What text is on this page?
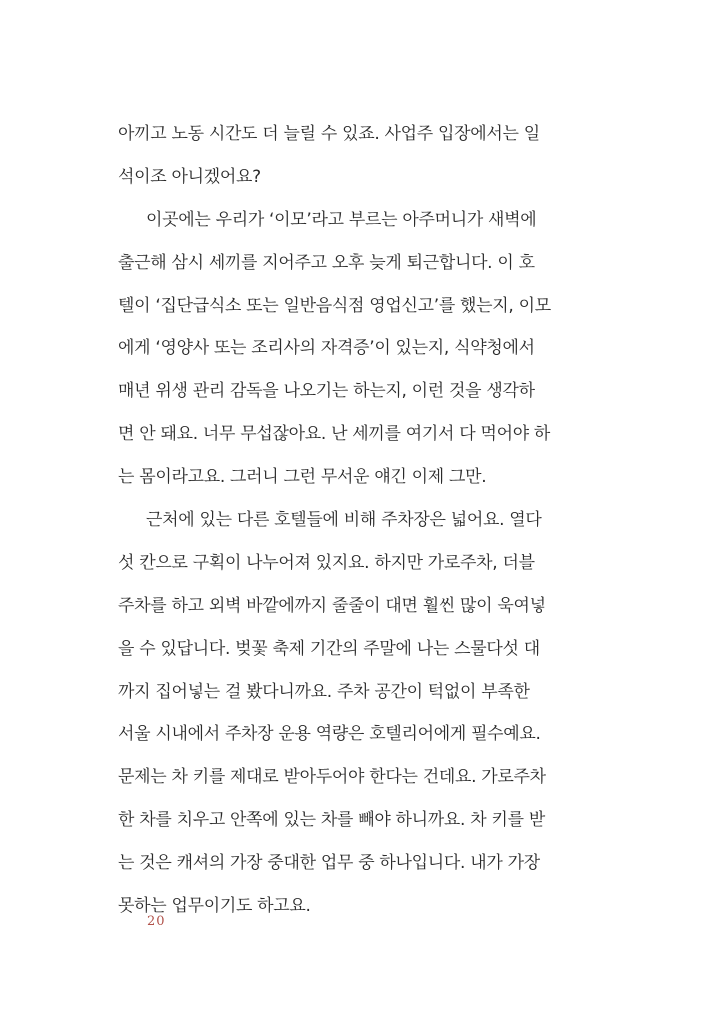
아끼고 노동 시간도 더 늘릴 수 있죠. 사업주 입장에서는 일
석이조 아니겠어요?
이곳에는 우리가 ‘이모’라고 부르는 아주머니가 새벽에
출근해 삼시 세끼를 지어주고 오후 늦게 퇴근합니다. 이 호
텔이 ‘집단급식소 또는 일반음식점 영업신고’를 했는지, 이모
에게 ‘영양사 또는 조리사의 자격증’이 있는지, 식약청에서
매년 위생 관리 감독을 나오기는 하는지, 이런 것을 생각하
면 안 돼요. 너무 무섭잖아요. 난 세끼를 여기서 다 먹어야 하
는 몸이라고요. 그러니 그런 무서운 얘긴 이제 그만.
근처에 있는 다른 호텔들에 비해 주차장은 넓어요. 열다
섯 칸으로 구획이 나누어져 있지요. 하지만 가로주차, 더블
주차를 하고 외벽 바깥에까지 줄줄이 대면 훨씬 많이 욱여넣
을 수 있답니다. 벚꽃 축제 기간의 주말에 나는 스물다섯 대
까지 집어넣는 걸 봤다니까요. 주차 공간이 턱없이 부족한
서울 시내에서 주차장 운용 역량은 호텔리어에게 필수예요.
문제는 차 키를 제대로 받아두어야 한다는 건데요. 가로주차
한 차를 치우고 안쪽에 있는 차를 빼야 하니까요. 차 키를 받
는 것은 캐셔의 가장 중대한 업무 중 하나입니다. 내가 가장
못하는 업무이기도 하고요.
20
